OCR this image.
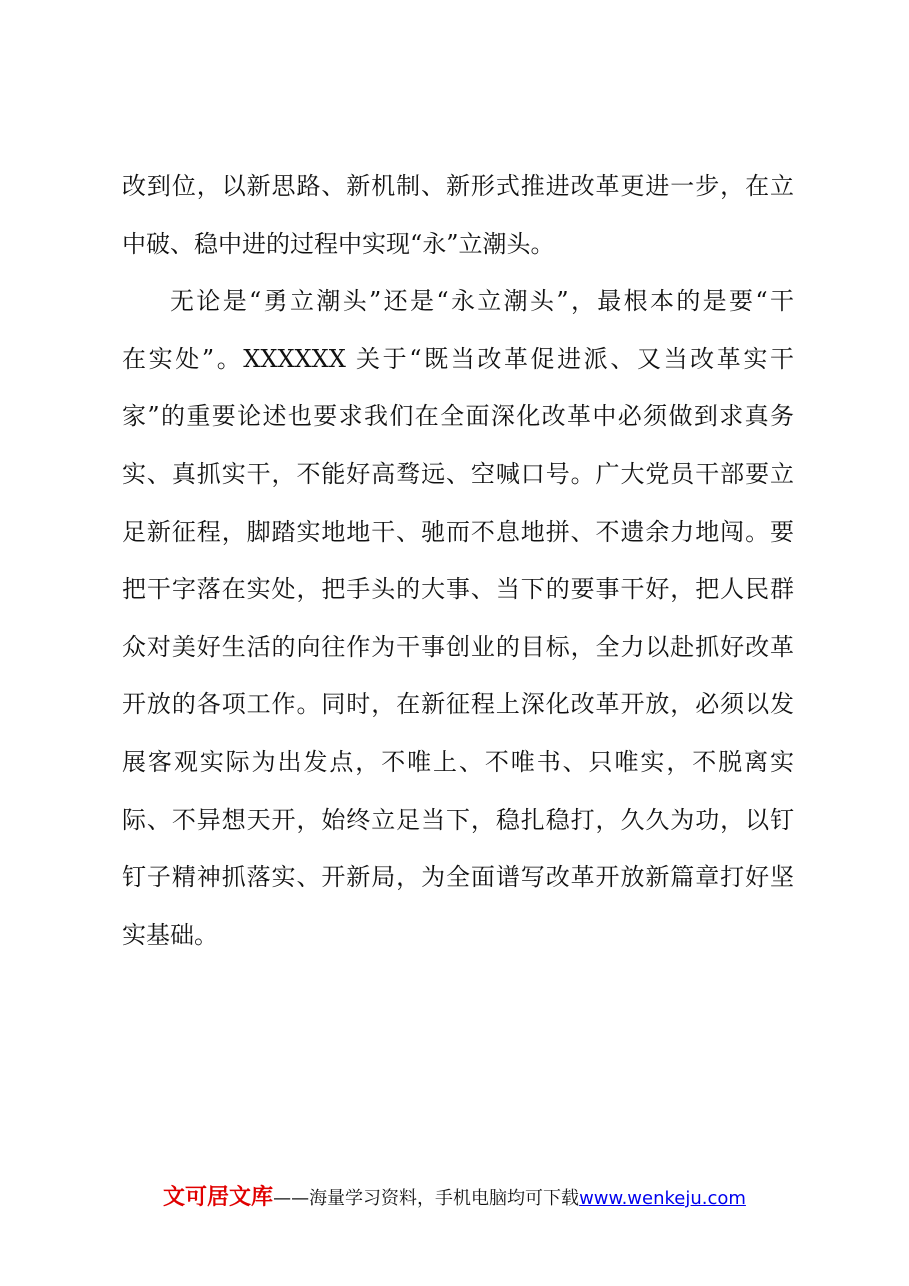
改到位，以新思路、新机制、新形式推进改革更进一步，在立
中破、稳中进的过程中实现“永”立潮头。

无论是“勇立潮头”还是“永立潮头”，最根本的是要“干
在实处”。XXXXXX 关于“既当改革促进派、又当改革实干
家”的重要论述也要求我们在全面深化改革中必须做到求真务
实、真抓实干，不能好高骛远、空喊口号。广大党员干部要立
足新征程，脚踏实地地干、驰而不息地拼、不遗余力地闯。要
把干字落在实处，把手头的大事、当下的要事干好，把人民群
众对美好生活的向往作为干事创业的目标，全力以赴抓好改革
开放的各项工作。同时，在新征程上深化改革开放，必须以发
展客观实际为出发点，不唯上、不唯书、只唯实，不脱离实
际、不异想天开，始终立足当下，稳扎稳打，久久为功，以钉
钉子精神抓落实、开新局，为全面谱写改革开放新篇章打好坚
实基础。

文可居文库——海量学习资料，手机电脑均可下载www.wenkeju.com
